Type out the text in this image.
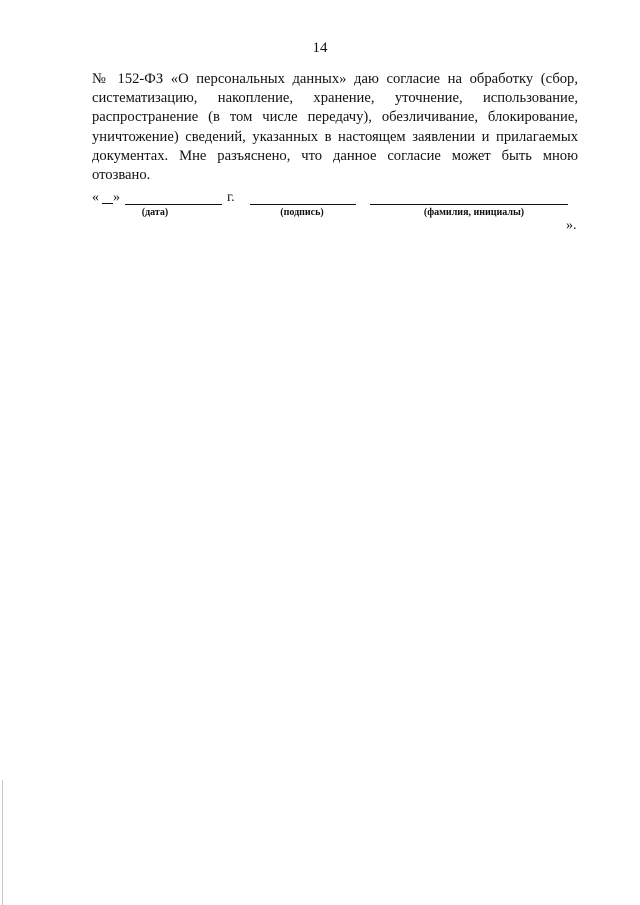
14
№ 152-ФЗ «О персональных данных» даю согласие на обработку (сбор,
систематизацию, накопление, хранение, уточнение, использование,
распространение (в том числе передачу), обезличивание, блокирование,
уничтожение) сведений, указанных в настоящем заявлении и прилагаемых
документах. Мне разъяснено, что данное согласие может быть мною
отозвано.
« »	г.
(дата)	(подпись)	(фамилия, инициалы)
».
